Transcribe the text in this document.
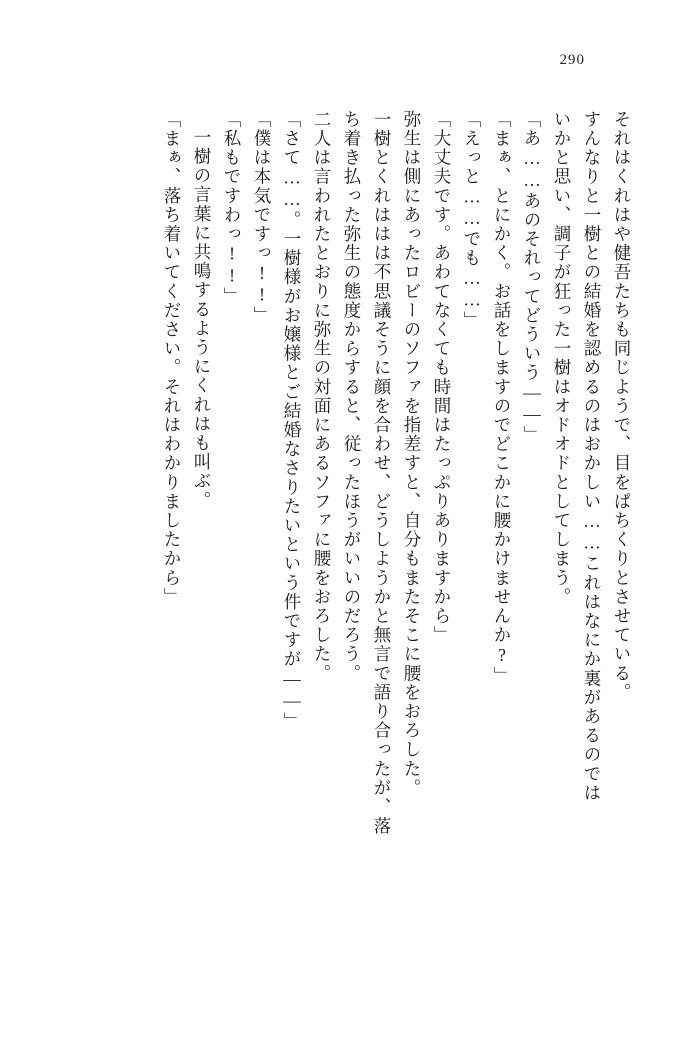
290
それはくれはや健吾たちも同じようで、目をぱちくりとさせている。
すんなりと一樹との結婚を認めるのはおかしい……これはなにか裏があるのでは
いかと思い、調子が狂った一樹はオドオドとしてしまう。
「あ……あのそれってどういう――」
「まぁ、とにかく。お話をしますのでどこかに腰かけませんか?」
「えっと……でも……」
「大丈夫です。あわてなくても時間はたっぷりありますから」
弥生は側にあったロビーのソファを指差すと、自分もまたそこに腰をおろした。
一樹とくれははは不思議そうに顔を合わせ、どうしようかと無言で語り合ったが、落
ち着き払った弥生の態度からすると、従ったほうがいいのだろう。
二人は言われたとおりに弥生の対面にあるソファに腰をおろした。
「さて……。一樹様がお嬢様とご結婚なさりたいという件ですが――」
「僕は本気ですっ!!」
「私もですわっ!!」
一樹の言葉に共鳴するようにくれはも叫ぶ。
「まぁ、落ち着いてください。それはわかりましたから」
